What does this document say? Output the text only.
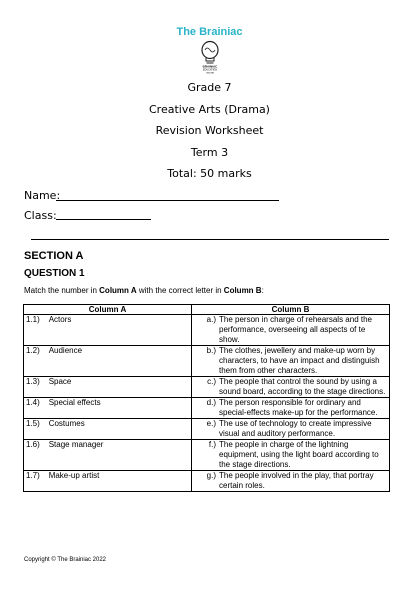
The Brainiac
BRAINIAC
EDUCATION
ONLINE
Grade 7
Creative Arts (Drama)
Revision Worksheet
Term 3
Total: 50 marks
Name:
Class:
SECTION A
QUESTION 1
Match the number in Column A with the correct letter in Column B:
Column A	Column B
1.1) Actors	a.) The person in charge of rehearsals and the performance, overseeing all aspects of te show.

1.2) Audience	b.) The clothes, jewellery and make-up worn by characters, to have an impact and distinguish them from other characters.

1.3) Space	c.) The people that control the sound by using a sound board, according to the stage directions.

1.4) Special effects	d.) The person responsible for ordinary and special-effects make-up for the performance.

1.5) Costumes	e.) The use of technology to create impressive visual and auditory performance.

1.6) Stage manager	f.) The people in charge of the lightning equipment, using the light board according to the stage directions.

1.7) Make-up artist	g.) The people involved in the play, that portray certain roles.
Copyright © The Brainiac 2022
